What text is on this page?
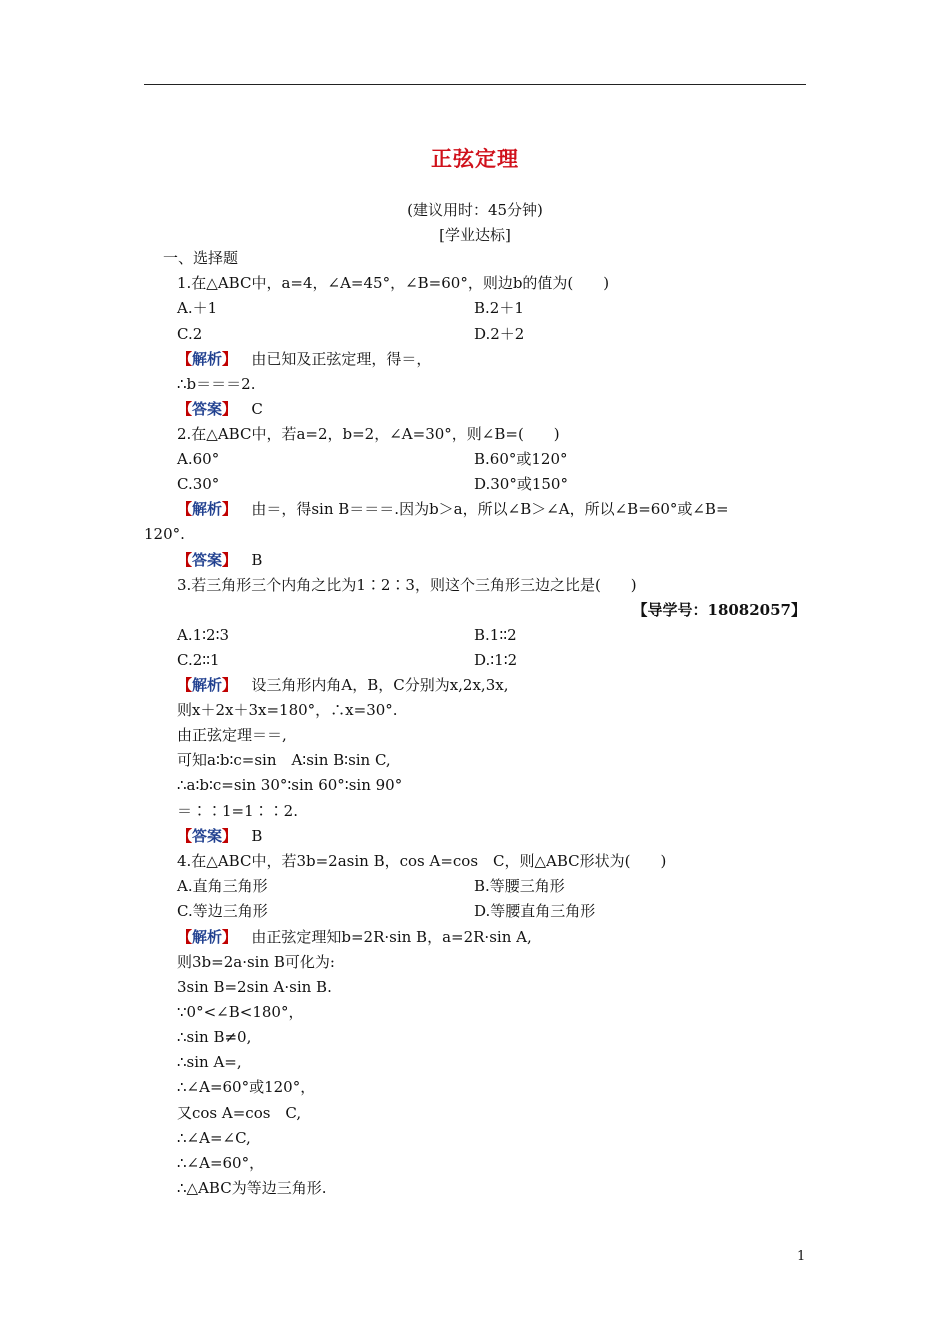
正弦定理
(建议用时：45分钟)
[学业达标]
一、选择题
1.在△ABC中，a=4，∠A=45°，∠B=60°，则边b的值为(　　)
A.＋1	B.2＋1
C.2	D.2＋2
【解析】 由已知及正弦定理，得＝，
∴b＝＝＝2.
【答案】 C
2.在△ABC中，若a=2，b=2，∠A=30°，则∠B=(　　)
A.60°	B.60°或120°
C.30°	D.30°或150°
【解析】 由＝，得sin B＝＝＝.因为b＞a，所以∠B＞∠A，所以∠B=60°或∠B=
120°.
【答案】 B
3.若三角形三个内角之比为1∶2∶3，则这个三角形三边之比是(　　)
【导学号：18082057】
A.1∶2∶3	B.1∶∶2
C.2∶∶1	D.∶1∶2
【解析】 设三角形内角A，B，C分别为x,2x,3x,
则x＋2x＋3x=180°，∴x=30°.
由正弦定理＝＝,
可知a∶b∶c=sin　A∶sin B∶sin C,
∴a∶b∶c=sin 30°∶sin 60°∶sin 90°
＝∶∶1=1∶∶2.
【答案】 B
4.在△ABC中，若3b=2asin B，cos A=cos　C，则△ABC形状为(　　)
A.直角三角形	B.等腰三角形
C.等边三角形	D.等腰直角三角形
【解析】 由正弦定理知b=2R·sin B，a=2R·sin A,
则3b=2a·sin B可化为:
3sin B=2sin A·sin B.
∵0°<∠B<180°，
∴sin B≠0,
∴sin A=,
∴∠A=60°或120°，
又cos A=cos　C,
∴∠A=∠C,
∴∠A=60°，
∴△ABC为等边三角形.
1
